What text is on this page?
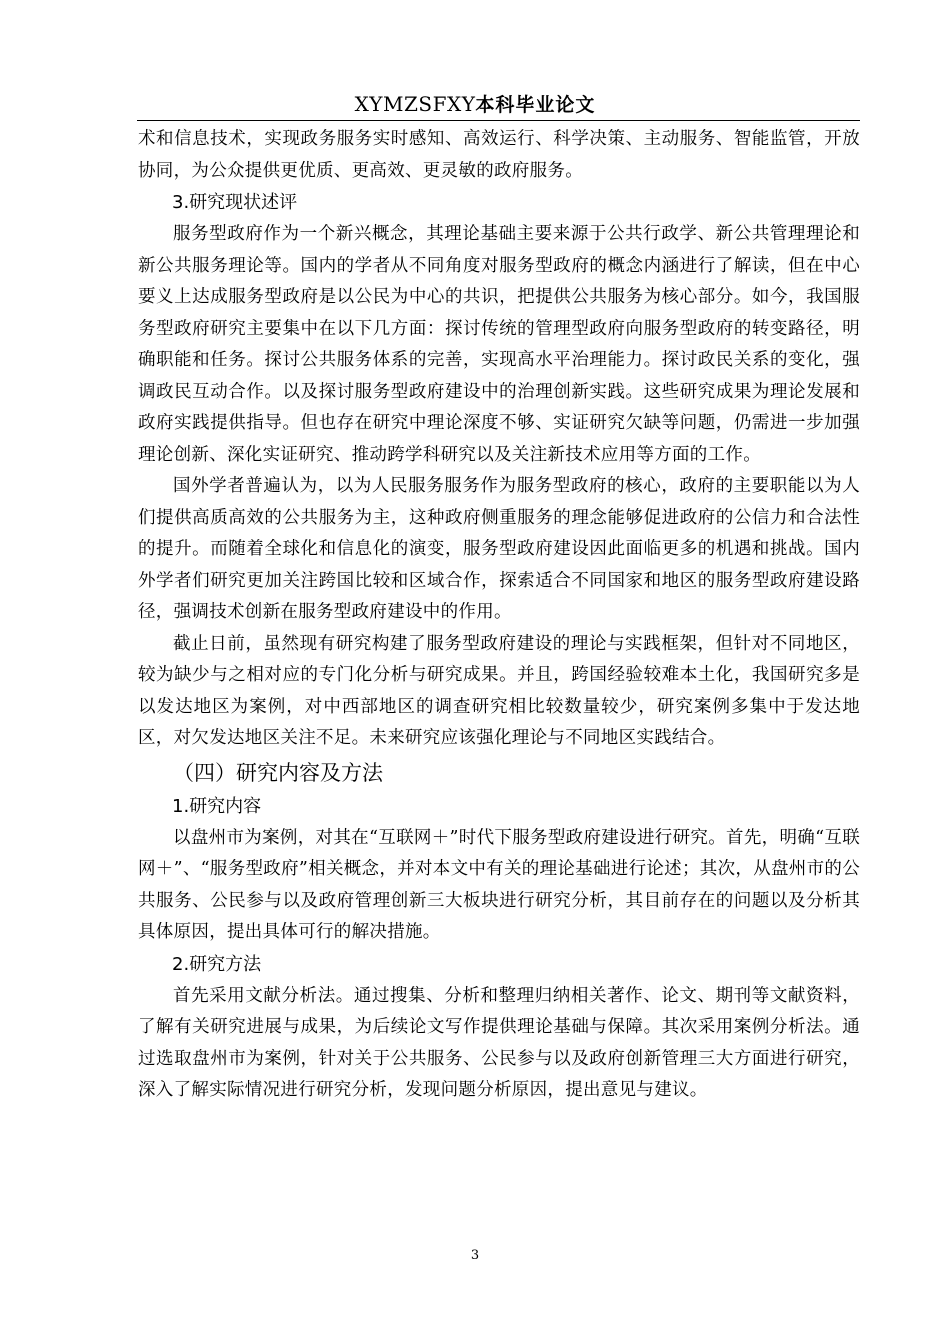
XYMZSFXY本科毕业论文

术和信息技术，实现政务服务实时感知、高效运行、科学决策、主动服务、智能监管，开放协同，为公众提供更优质、更高效、更灵敏的政府服务。

3.研究现状述评

服务型政府作为一个新兴概念，其理论基础主要来源于公共行政学、新公共管理理论和新公共服务理论等。国内的学者从不同角度对服务型政府的概念内涵进行了解读，但在中心要义上达成服务型政府是以公民为中心的共识，把提供公共服务为核心部分。如今，我国服务型政府研究主要集中在以下几方面：探讨传统的管理型政府向服务型政府的转变路径，明确职能和任务。探讨公共服务体系的完善，实现高水平治理能力。探讨政民关系的变化，强调政民互动合作。以及探讨服务型政府建设中的治理创新实践。这些研究成果为理论发展和政府实践提供指导。但也存在研究中理论深度不够、实证研究欠缺等问题，仍需进一步加强理论创新、深化实证研究、推动跨学科研究以及关注新技术应用等方面的工作。

国外学者普遍认为，以为人民服务服务作为服务型政府的核心，政府的主要职能以为人们提供高质高效的公共服务为主，这种政府侧重服务的理念能够促进政府的公信力和合法性的提升。而随着全球化和信息化的演变，服务型政府建设因此面临更多的机遇和挑战。国内外学者们研究更加关注跨国比较和区域合作，探索适合不同国家和地区的服务型政府建设路径，强调技术创新在服务型政府建设中的作用。

截止日前，虽然现有研究构建了服务型政府建设的理论与实践框架，但针对不同地区，较为缺少与之相对应的专门化分析与研究成果。并且，跨国经验较难本土化，我国研究多是以发达地区为案例，对中西部地区的调查研究相比较数量较少，研究案例多集中于发达地区，对欠发达地区关注不足。未来研究应该强化理论与不同地区实践结合。

（四）研究内容及方法

1.研究内容

以盘州市为案例，对其在“互联网＋”时代下服务型政府建设进行研究。首先，明确“互联网＋”、“服务型政府”相关概念，并对本文中有关的理论基础进行论述；其次，从盘州市的公共服务、公民参与以及政府管理创新三大板块进行研究分析，其目前存在的问题以及分析其具体原因，提出具体可行的解决措施。

2.研究方法

首先采用文献分析法。通过搜集、分析和整理归纳相关著作、论文、期刊等文献资料，了解有关研究进展与成果，为后续论文写作提供理论基础与保障。其次采用案例分析法。通过选取盘州市为案例，针对关于公共服务、公民参与以及政府创新管理三大方面进行研究，深入了解实际情况进行研究分析，发现问题分析原因，提出意见与建议。

3
